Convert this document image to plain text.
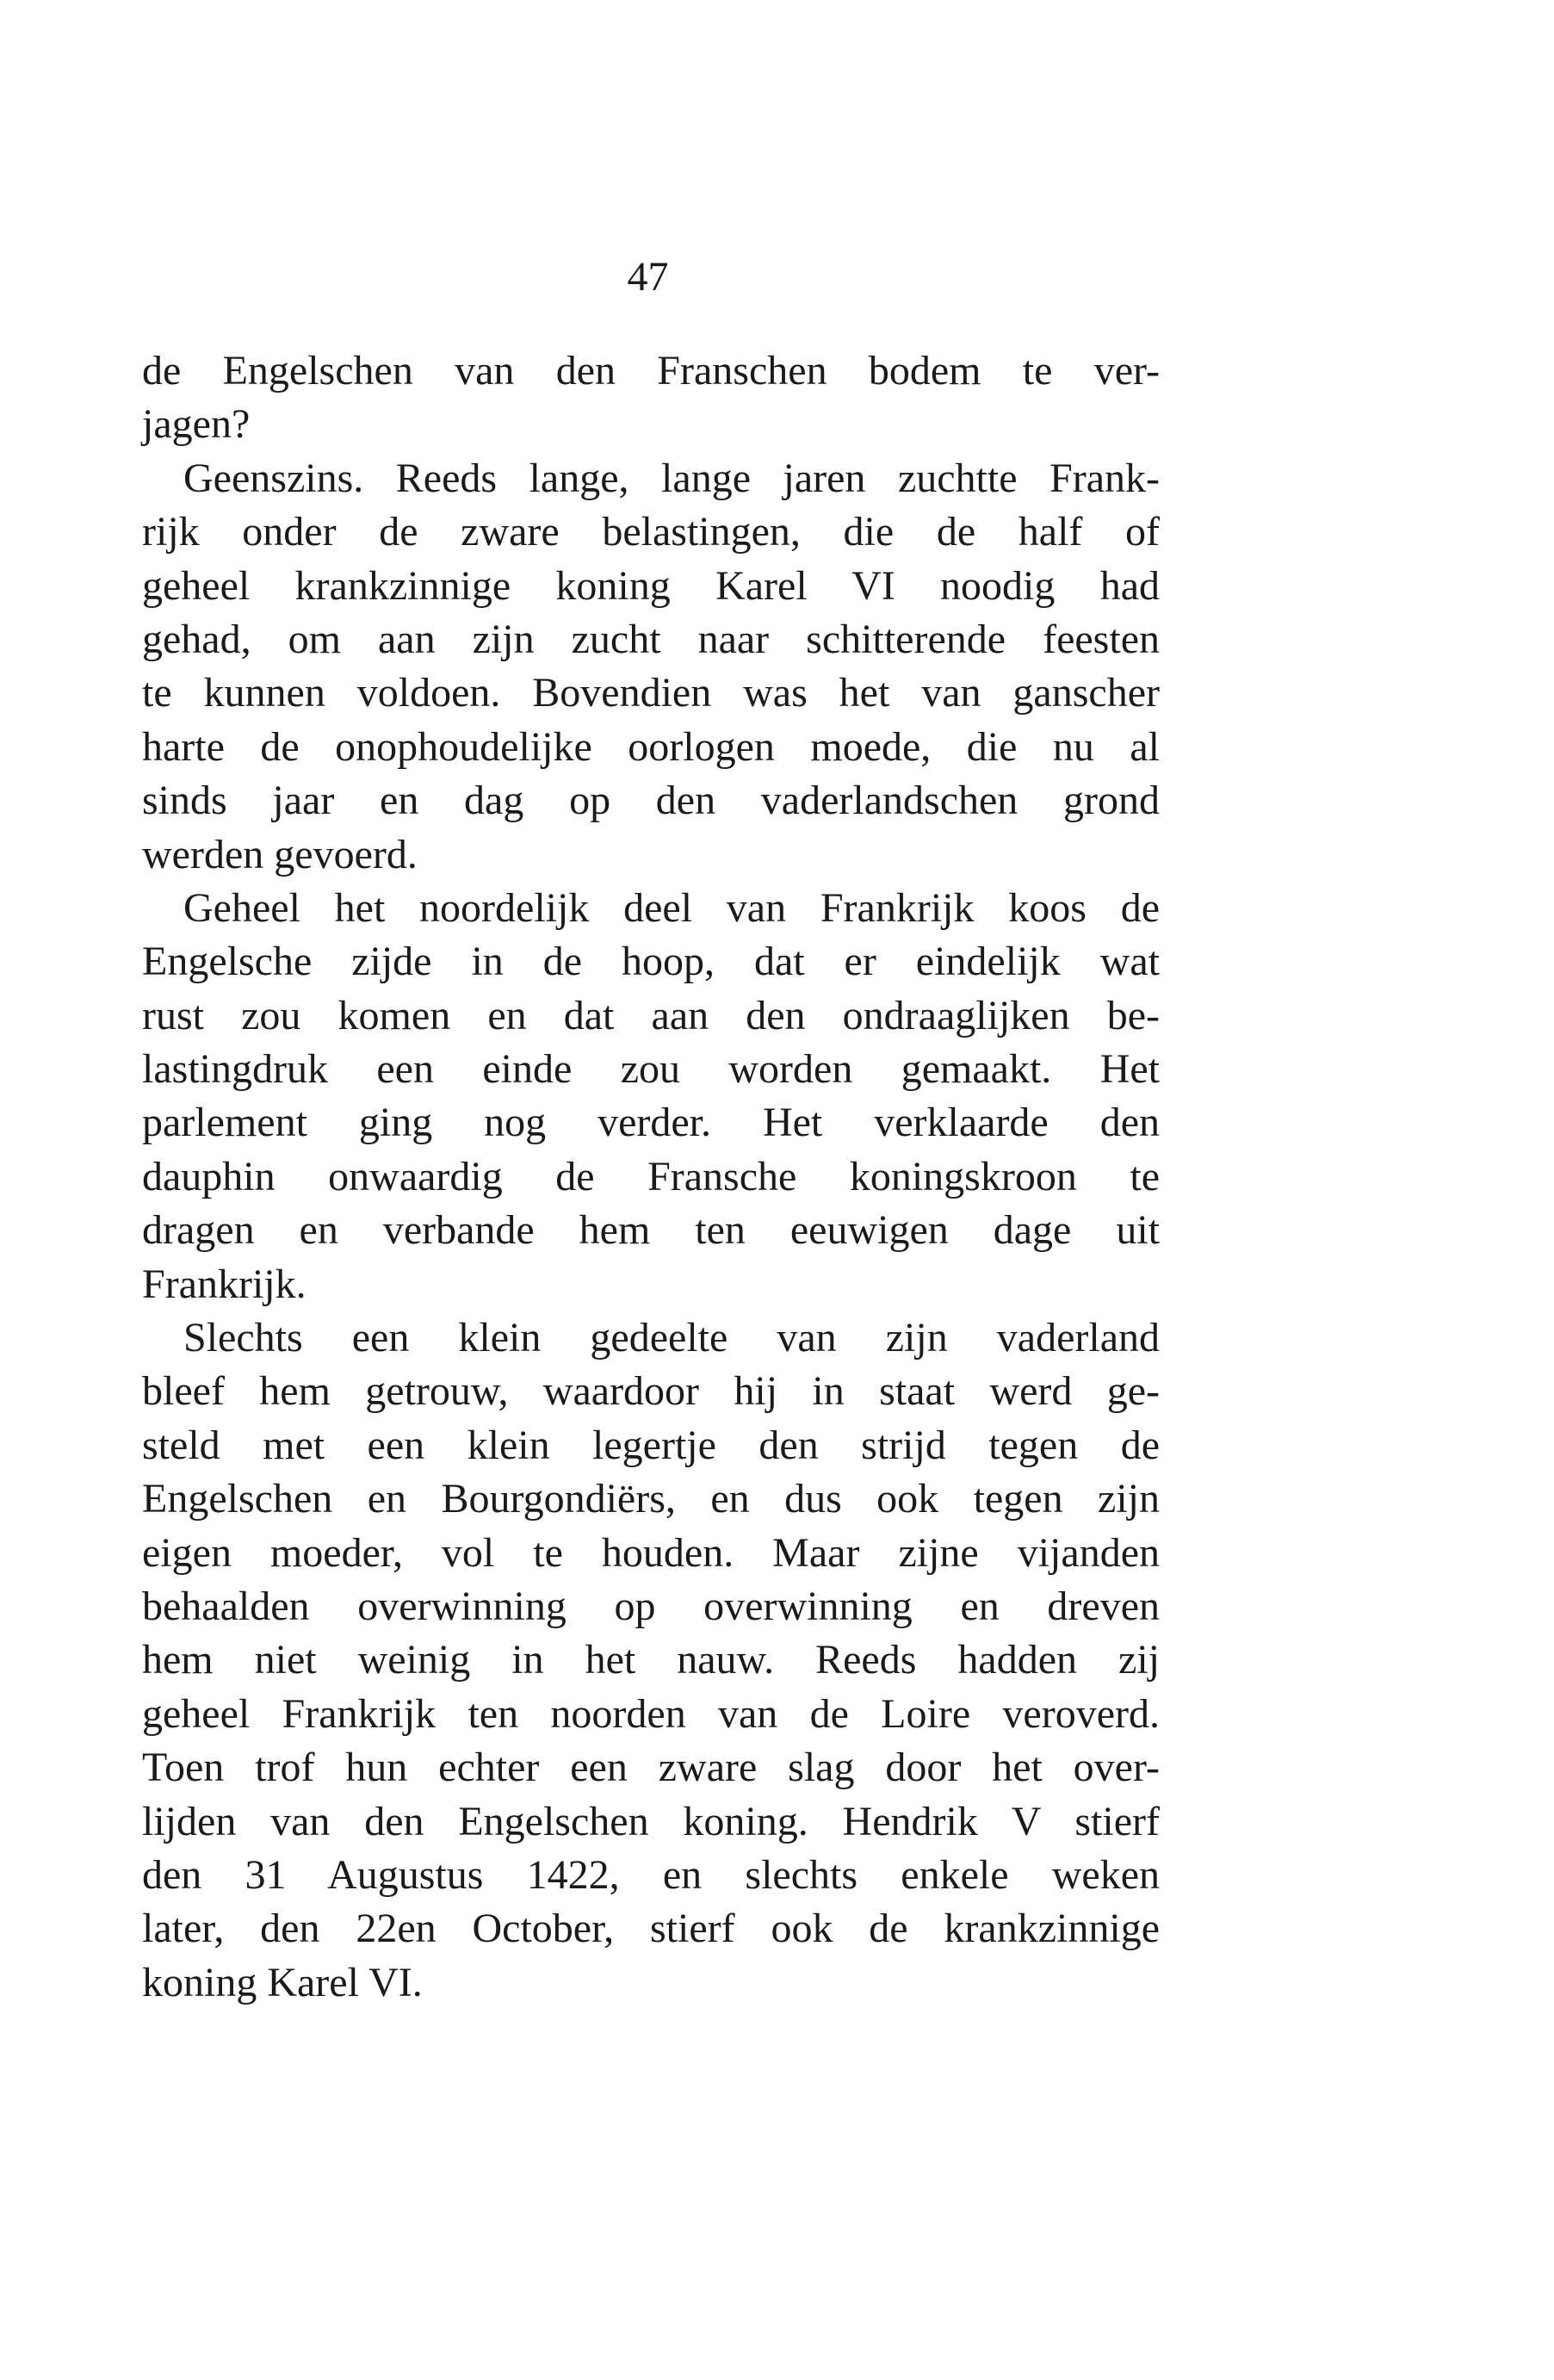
47
de Engelschen van den Franschen bodem te ver-
jagen?
Geenszins. Reeds lange, lange jaren zuchtte Frank-
rijk onder de zware belastingen, die de half of
geheel krankzinnige koning Karel VI noodig had
gehad, om aan zijn zucht naar schitterende feesten
te kunnen voldoen. Bovendien was het van ganscher
harte de onophoudelijke oorlogen moede, die nu al
sinds jaar en dag op den vaderlandschen grond
werden gevoerd.
Geheel het noordelijk deel van Frankrijk koos de
Engelsche zijde in de hoop, dat er eindelijk wat
rust zou komen en dat aan den ondraaglijken be-
lastingdruk een einde zou worden gemaakt. Het
parlement ging nog verder. Het verklaarde den
dauphin onwaardig de Fransche koningskroon te
dragen en verbande hem ten eeuwigen dage uit
Frankrijk.
Slechts een klein gedeelte van zijn vaderland
bleef hem getrouw, waardoor hij in staat werd ge-
steld met een klein legertje den strijd tegen de
Engelschen en Bourgondiërs, en dus ook tegen zijn
eigen moeder, vol te houden. Maar zijne vijanden
behaalden overwinning op overwinning en dreven
hem niet weinig in het nauw. Reeds hadden zij
geheel Frankrijk ten noorden van de Loire veroverd.
Toen trof hun echter een zware slag door het over-
lijden van den Engelschen koning. Hendrik V stierf
den 31 Augustus 1422, en slechts enkele weken
later, den 22en October, stierf ook de krankzinnige
koning Karel VI.
